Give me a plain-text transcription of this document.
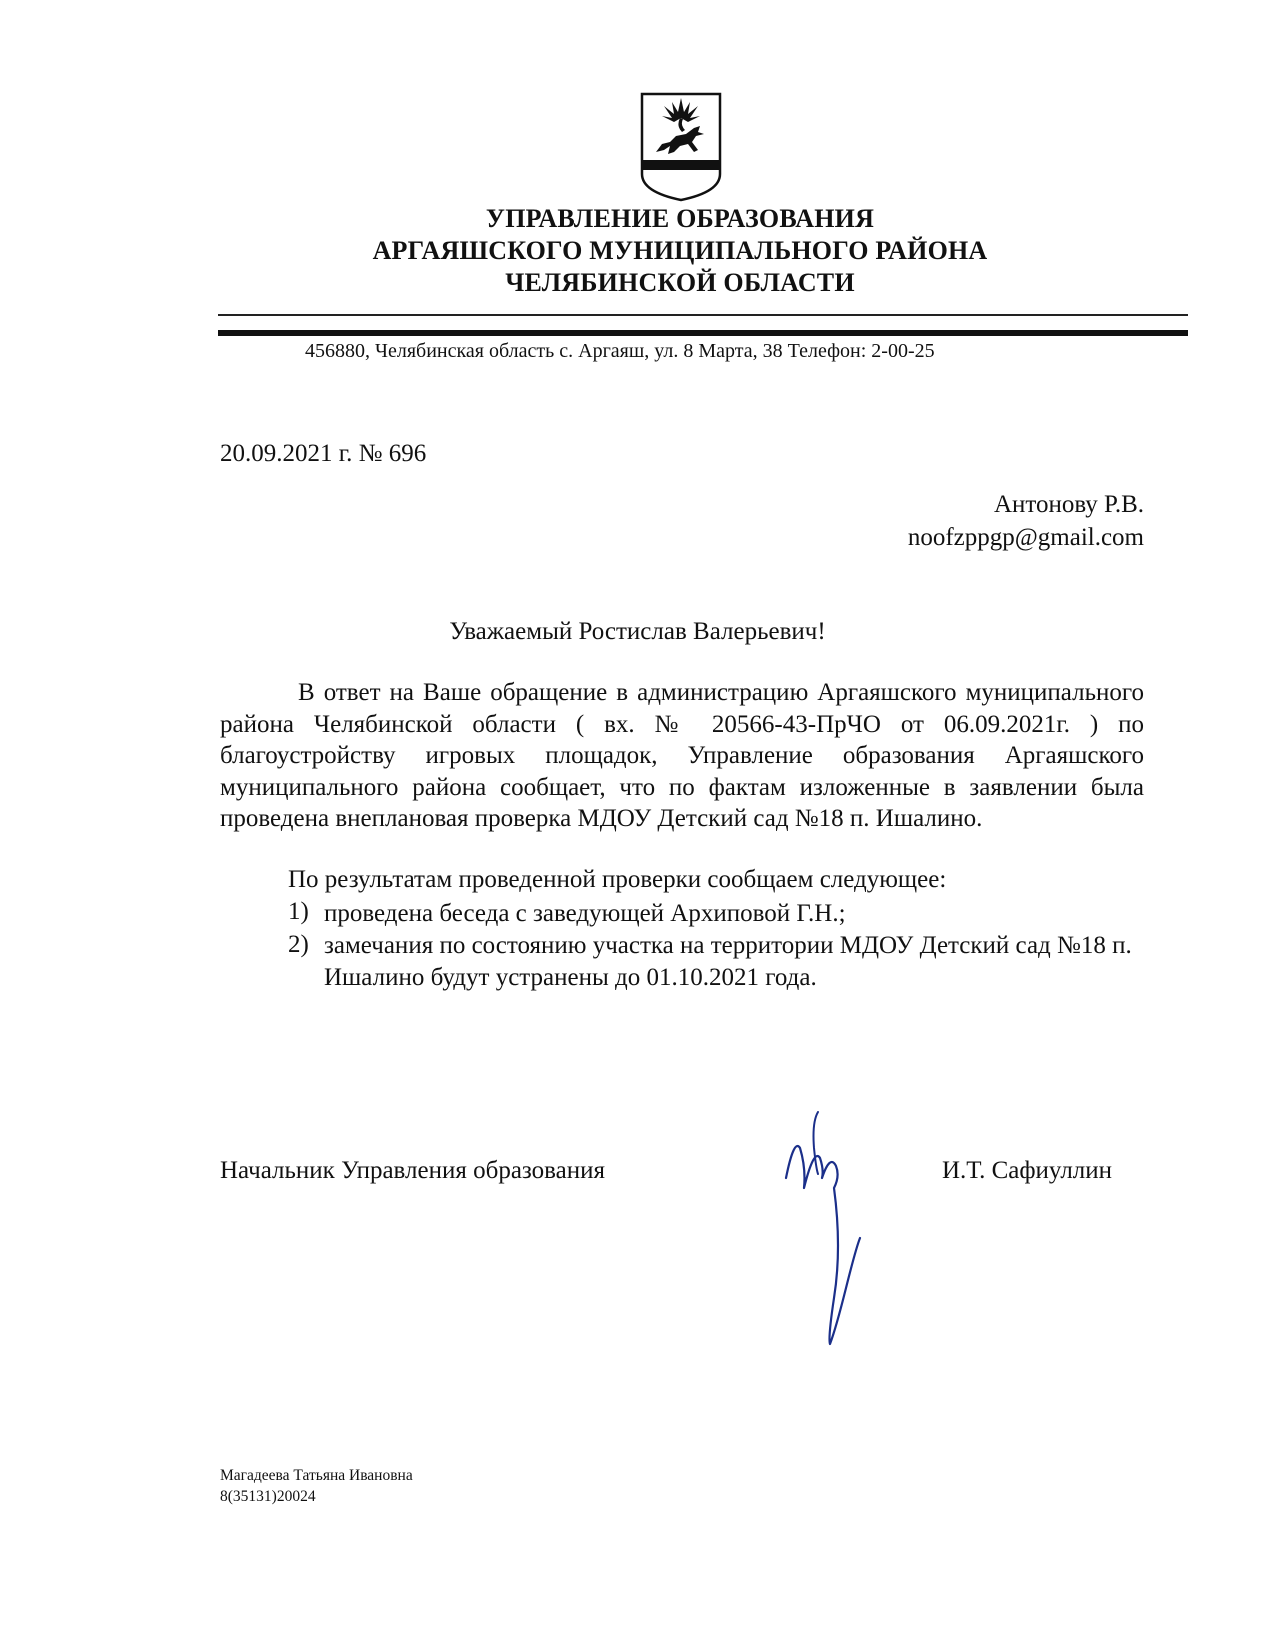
УПРАВЛЕНИЕ ОБРАЗОВАНИЯ
АРГАЯШСКОГО МУНИЦИПАЛЬНОГО РАЙОНА
ЧЕЛЯБИНСКОЙ ОБЛАСТИ
456880, Челябинская область с. Аргаяш, ул. 8 Марта, 38 Телефон: 2-00-25
20.09.2021 г. № 696
Антонову Р.В.
noofzppgp@gmail.com
Уважаемый Ростислав Валерьевич!

В ответ на Ваше обращение в администрацию Аргаяшского муниципального района Челябинской области ( вх. № 20566-43-ПрЧО от 06.09.2021г. ) по благоустройству игровых площадок, Управление образования Аргаяшского муниципального района сообщает, что по фактам изложенные в заявлении была проведена внеплановая проверка МДОУ Детский сад №18 п. Ишалино.

По результатам проведенной проверки сообщаем следующее:
1) проведена беседа с заведующей Архиповой Г.Н.;
2) замечания по состоянию участка на территории МДОУ Детский сад №18 п. Ишалино будут устранены до 01.10.2021 года.
Начальник Управления образования	И.Т. Сафиуллин
Магадеева Татьяна Ивановна
8(35131)20024
